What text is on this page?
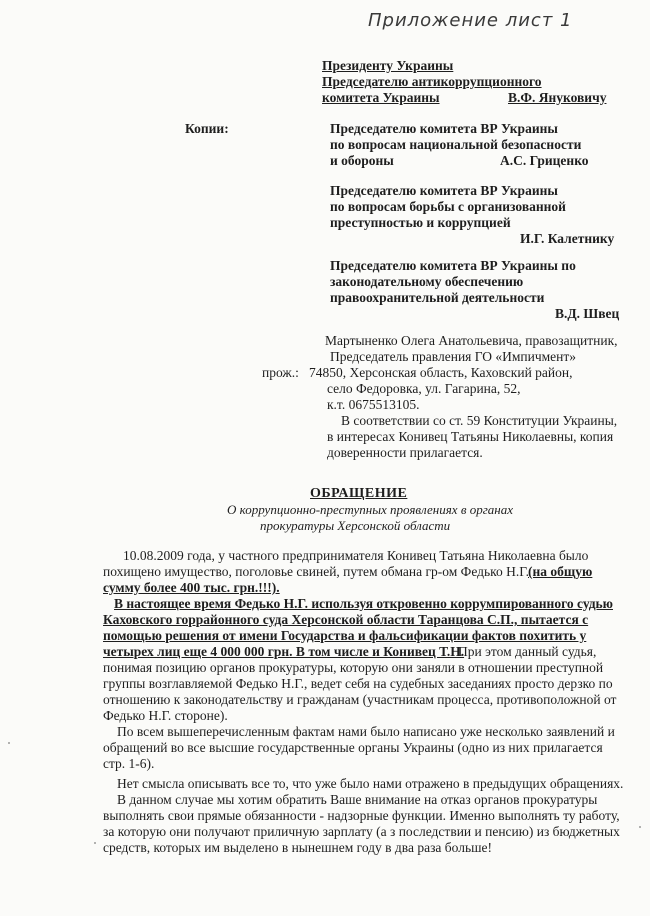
Приложение лист 1
Президенту Украины
Председателю антикоррупционного
комитета Украины	В.Ф. Януковичу
Копии:	Председателю комитета ВР Украины
по вопросам национальной безопасности
и обороны	А.С. Гриценко
Председателю комитета ВР Украины
по вопросам борьбы с организованной
преступностью и коррупцией
И.Г. Калетнику
Председателю комитета ВР Украины по
законодательному обеспечению
правоохранительной деятельности
В.Д. Швец
Мартыненко Олега Анатольевича, правозащитник,
Председатель правления ГО «Импичмент»
прож.: 74850, Херсонская область, Каховский район,
село Федоровка, ул. Гагарина, 52,
к.т. 0675513105.
В соответствии со ст. 59 Конституции Украины,
в интересах Конивец Татьяны Николаевны, копия
доверенности прилагается.
ОБРАЩЕНИЕ
О коррупционно-преступных проявлениях в органах
прокуратуры Херсонской области
10.08.2009 года, у частного предпринимателя Конивец Татьяна Николаевна было
похищено имущество, поголовье свиней, путем обмана гр-ом Федько Н.Г. (на общую
сумму более 400 тыс. грн.!!!).
В настоящее время Федько Н.Г. используя откровенно коррумпированного судью
Каховского горрайонного суда Херсонской области Таранцова С.П., пытается с
помощью решения от имени Государства и фальсификации фактов похитить у
четырех лиц еще 4 000 000 грн. В том числе и Конивец Т.Н.
При этом данный судья,
понимая позицию органов прокуратуры, которую они заняли в отношении преступной
группы возглавляемой Федько Н.Г., ведет себя на судебных заседаниях просто дерзко по
отношению к законодательству и гражданам (участникам процесса, противоположной от
Федько Н.Г. стороне).
По всем вышеперечисленным фактам нами было написано уже несколько заявлений и
обращений во все высшие государственные органы Украины (одно из них прилагается
стр. 1-6).
Нет смысла описывать все то, что уже было нами отражено в предыдущих обращениях.
В данном случае мы хотим обратить Ваше внимание на отказ органов прокуратуры
выполнять свои прямые обязанности - надзорные функции. Именно выполнять ту работу,
за которую они получают приличную зарплату (а з последствии и пенсию) из бюджетных
средств, которых им выделено в нынешнем году в два раза больше!
